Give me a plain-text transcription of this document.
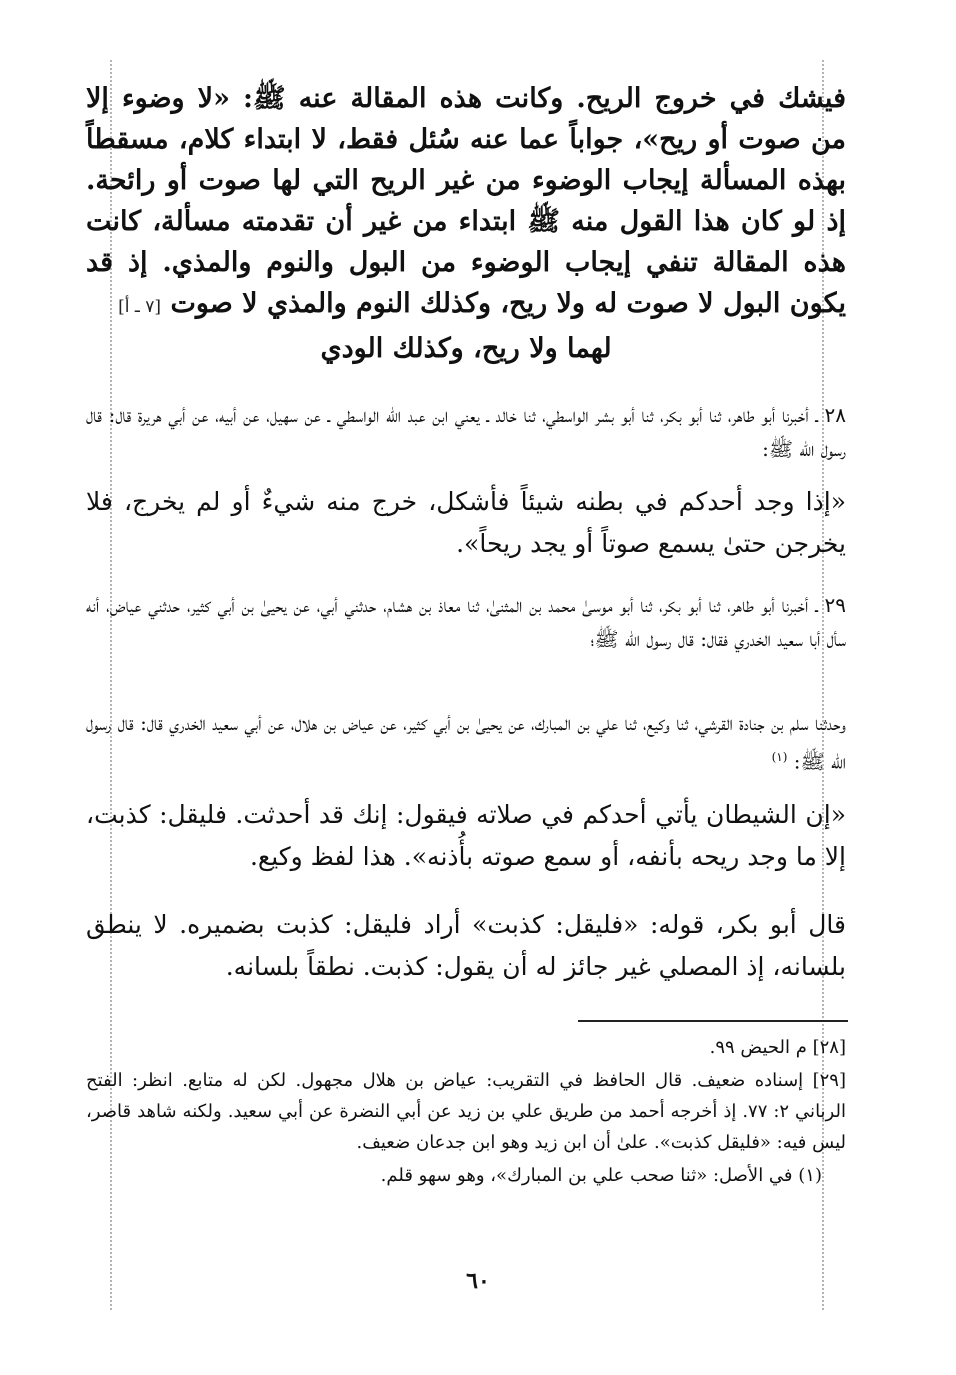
فيشك في خروج الريح. وكانت هذه المقالة عنه ﷺ: «لا وضوء إلا من صوت أو ريح»، جواباً عما عنه سُئل فقط، لا ابتداء كلام، مسقطاً بهذه المسألة إيجاب الوضوء من غير الريح التي لها صوت أو رائحة. إذ لو كان هذا القول منه ﷺ ابتداء من غير أن تقدمته مسألة، كانت هذه المقالة تنفي إيجاب الوضوء من البول والنوم والمذي. إذ قد يكون البول لا صوت له ولا ريح، وكذلك النوم والمذي لا صوت [٧ ـ أ]
لهما ولا ريح، وكذلك الودي

٢٨ ـ أخبرنا أبو طاهر، ثنا أبو بكر، ثنا أبو بشر الواسطي، ثنا خالد ـ يعني ابن عبد الله الواسطي ـ عن سهيل، عن أبيه، عن أبي هريرة قال: قال رسول الله ﷺ:

«إذا وجد أحدكم في بطنه شيئاً فأشكل، خرج منه شيءٌ أو لم يخرج، فلا يخرجن حتىٰ يسمع صوتاً أو يجد ريحاً».

٢٩ ـ أخبرنا أبو طاهر، ثنا أبو بكر، ثنا أبو موسىٰ محمد بن المثنىٰ، ثنا معاذ بن هشام، حدثني أبي، عن يحيىٰ بن أبي كثير، حدثني عياض، أنه سأل أبا سعيد الخدري فقال: قال رسول الله ﷺ؛

وحدثنا سلم بن جنادة القرشي، ثنا وكيع، ثنا علي بن المبارك، عن يحيىٰ بن أبي كثير، عن عياض بن هلال، عن أبي سعيد الخدري قال: قال رسول الله ﷺ: $^{(١)}$

«إن الشيطان يأتي أحدكم في صلاته فيقول: إنك قد أحدثت. فليقل: كذبت، إلا ما وجد ريحه بأنفه، أو سمع صوته بأُذنه». هذا لفظ وكيع.

قال أبو بكر، قوله: «فليقل: كذبت» أراد فليقل: كذبت بضميره. لا ينطق بلسانه، إذ المصلي غير جائز له أن يقول: كذبت. نطقاً بلسانه.

[٢٨] م الحيض ٩٩.

[٢٩] إسناده ضعيف. قال الحافظ في التقريب: عياض بن هلال مجهول. لكن له متابع. انظر: الفتح الرباني ٢: ٧٧. إذ أخرجه أحمد من طريق علي بن زيد عن أبي النضرة عن أبي سعيد. ولكنه شاهد قاصر، ليس فيه: «فليقل كذبت». علىٰ أن ابن زيد وهو ابن جدعان ضعيف.

(١) في الأصل: «ثنا صحب علي بن المبارك»، وهو سهو قلم.

٦٠
